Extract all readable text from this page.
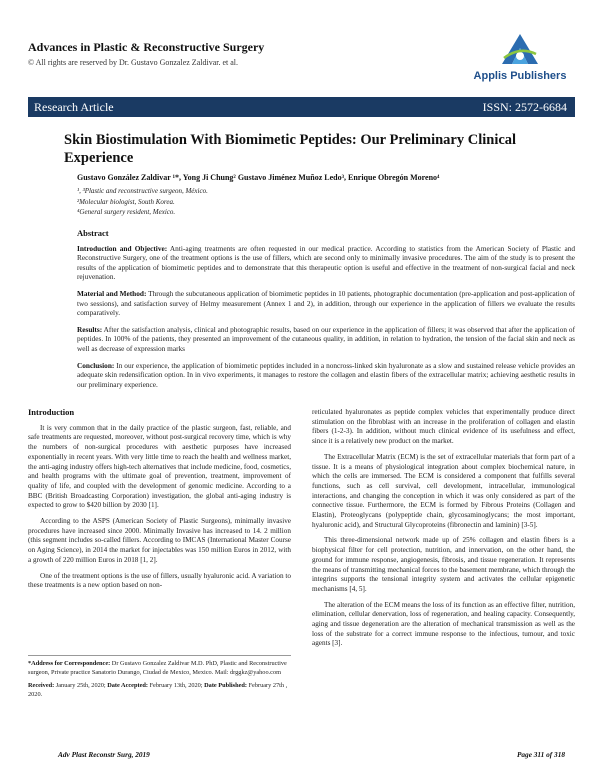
Advances in Plastic & Reconstructive Surgery
© All rights are reserved by Dr. Gustavo Gonzalez Zaldivar. et al.
Applis Publishers
Research Article	ISSN: 2572-6684
Skin Biostimulation With Biomimetic Peptides: Our Preliminary Clinical Experience
Gustavo González Zaldivar ¹*, Yong Ji Chung² Gustavo Jiménez Muñoz Ledo³, Enrique Obregón Moreno⁴
¹, ³Plastic and reconstructive surgeon, México.
²Molecular biologist, South Korea.
⁴General surgery resident, Mexico.
Abstract

Introduction and Objective: Anti-aging treatments are often requested in our medical practice. According to statistics from the American Society of Plastic and Reconstructive Surgery, one of the treatment options is the use of fillers, which are second only to minimally invasive procedures. The aim of the study is to present the results of the application of biomimetic peptides and to demonstrate that this therapeutic option is useful and effective in the treatment of non-surgical facial and neck rejuvenation.

Material and Method: Through the subcutaneous application of biomimetic peptides in 10 patients, photographic documentation (pre-application and post-application of two sessions), and satisfaction survey of Helmy measurement (Annex 1 and 2), in addition, through our experience in the application of fillers we evaluate the results comparatively.

Results: After the satisfaction analysis, clinical and photographic results, based on our experience in the application of fillers; it was observed that after the application of peptides. In 100% of the patients, they presented an improvement of the cutaneous quality, in addition, in relation to hydration, the tension of the facial skin and neck as well as decrease of expression marks

Conclusion: In our experience, the application of biomimetic peptides included in a noncross-linked skin hyaluronate as a slow and sustained release vehicle provides an adequate skin redensification option. In in vivo experiments, it manages to restore the collagen and elastin fibers of the extracellular matrix; achieving aesthetic results in our preliminary experience.

Introduction

It is very common that in the daily practice of the plastic surgeon, fast, reliable, and safe treatments are requested, moreover, without post-surgical recovery time, which is why the numbers of non-surgical procedures with aesthetic purposes have increased exponentially in recent years. With very little time to reach the health and wellness market, the anti-aging industry offers high-tech alternatives that include medicine, food, cosmetics, and health programs with the ultimate goal of prevention, treatment, improvement of quality of life, and coupled with the development of genomic medicine. According to a BBC (British Broadcasting Corporation) investigation, the global anti-aging industry is expected to grow to $420 billion by 2030 [1].

According to the ASPS (American Society of Plastic Surgeons), minimally invasive procedures have increased since 2000. Minimally Invasive has increased to 14. 2 million (this segment includes so-called fillers. According to IMCAS (International Master Course on Aging Science), in 2014 the market for injectables was 150 million Euros in 2012, with a growth of 220 million Euros in 2018 [1, 2].

One of the treatment options is the use of fillers, usually hyaluronic acid. A variation to these treatments is a new option based on non-

reticulated hyaluronates as peptide complex vehicles that experimentally produce direct stimulation on the fibroblast with an increase in the proliferation of collagen and elastin fibers (1-2-3). In addition, without much clinical evidence of its usefulness and effect, since it is a relatively new product on the market.

The Extracellular Matrix (ECM) is the set of extracellular materials that form part of a tissue. It is a means of physiological integration about complex biochemical nature, in which the cells are immersed. The ECM is considered a component that fulfills several functions, such as cell survival, cell development, intracellular, immunological interactions, and changing the conception in which it was only considered as part of the connective tissue. Furthermore, the ECM is formed by Fibrous Proteins (Collagen and Elastin), Proteoglycans (polypeptide chain, glycosaminoglycans; the most important, hyaluronic acid), and Structural Glycoproteins (fibronectin and laminin) [3-5].

This three-dimensional network made up of 25% collagen and elastin fibers is a biophysical filter for cell protection, nutrition, and innervation, on the other hand, the ground for immune response, angiogenesis, fibrosis, and tissue regeneration. It represents the means of transmitting mechanical forces to the basement membrane, which through the integrins supports the tensional integrity system and activates the cellular epigenetic mechanisms [4, 5].

The alteration of the ECM means the loss of its function as an effective filter, nutrition, elimination, cellular denervation, loss of regeneration, and healing capacity. Consequently, aging and tissue degeneration are the alteration of mechanical transmission as well as the loss of the substrate for a correct immune response to the infectious, tumour, and toxic agents [3].

*Address for Correspondence: Dr Gustavo Gonzalez Zaldivar M.D. PhD, Plastic and Reconstructive surgeon, Private practice Sanatorio Durango, Ciudad de Mexico, Mexico. Mail: drggkz@yahoo.com

Received: January 25th, 2020; Date Accepted: February 13th, 2020; Date Published: February 27th , 2020.

Adv Plast Reconstr Surg, 2019	Page 311 of 318
